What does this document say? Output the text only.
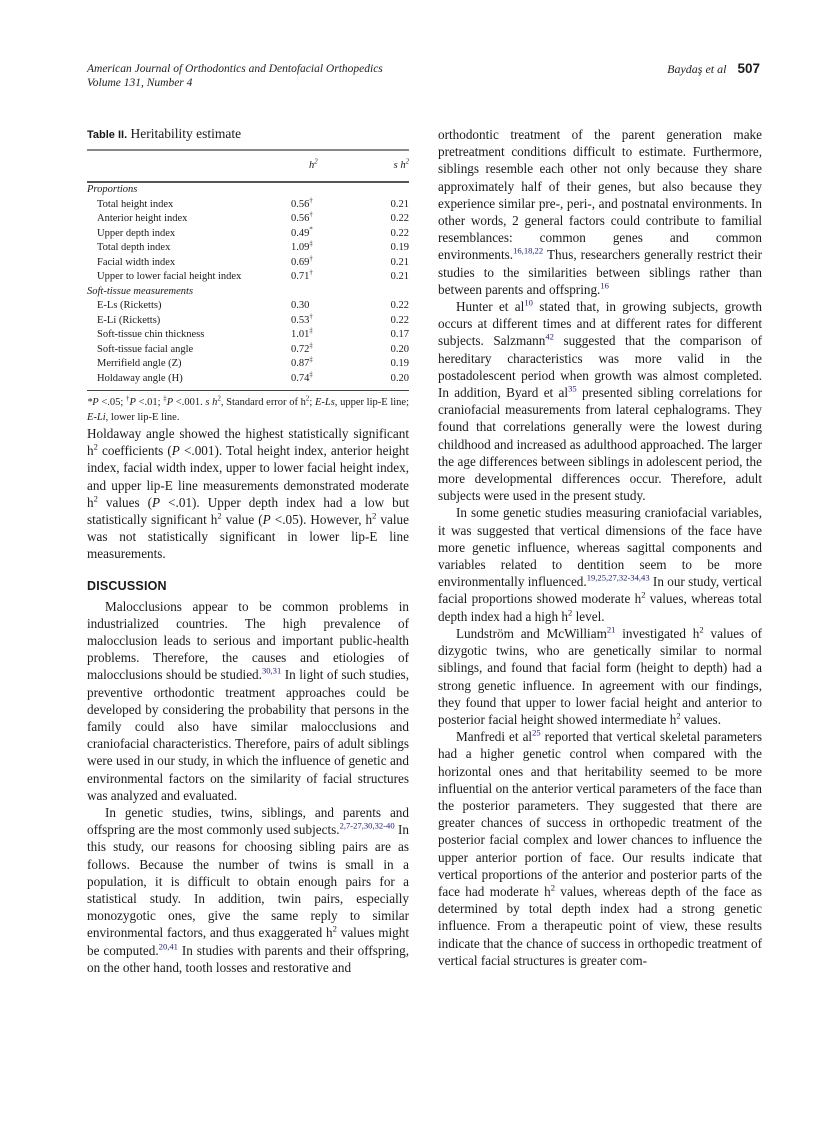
American Journal of Orthodontics and Dentofacial Orthopedics
Volume 131, Number 4
Baydaş et al 507
Table II. Heritability estimate
	$h^2$	s $h^2$
Proportions		
Total height index	0.56†	0.21
Anterior height index	0.56†	0.22
Upper depth index	0.49*	0.22
Total depth index	1.09‡	0.19
Facial width index	0.69†	0.21
Upper to lower facial height index	0.71†	0.21
Soft-tissue measurements		
E-Ls (Ricketts)	0.30	0.22
E-Li (Ricketts)	0.53†	0.22
Soft-tissue chin thickness	1.01‡	0.17
Soft-tissue facial angle	0.72‡	0.20
Merrifield angle (Z)	0.87‡	0.19
Holdaway angle (H)	0.74‡	0.20
*P <.05; †P <.01; ‡P <.001. s $h^2$, Standard error of $h^2$; E-Ls, upper lip-E line; E-Li, lower lip-E line.

Holdaway angle showed the highest statistically significant $h^2$ coefficients (P <.001). Total height index, anterior height index, facial width index, upper to lower facial height index, and upper lip-E line measurements demonstrated moderate $h^2$ values (P <.01). Upper depth index had a low but statistically significant $h^2$ value (P <.05). However, $h^2$ value was not statistically significant in lower lip-E line measurements.

DISCUSSION

Malocclusions appear to be common problems in industrialized countries. The high prevalence of malocclusion leads to serious and important public-health problems. Therefore, the causes and etiologies of malocclusions should be studied.$^{30,31}$ In light of such studies, preventive orthodontic treatment approaches could be developed by considering the probability that persons in the family could also have similar malocclusions and craniofacial characteristics. Therefore, pairs of adult siblings were used in our study, in which the influence of genetic and environmental factors on the similarity of facial structures was analyzed and evaluated.

In genetic studies, twins, siblings, and parents and offspring are the most commonly used subjects.$^{2,7-27,30,32-40}$ In this study, our reasons for choosing sibling pairs are as follows. Because the number of twins is small in a population, it is difficult to obtain enough pairs for a statistical study. In addition, twin pairs, especially monozygotic ones, give the same reply to similar environmental factors, and thus exaggerated $h^2$ values might be computed.$^{20,41}$ In studies with parents and their offspring, on the other hand, tooth losses and restorative and

orthodontic treatment of the parent generation make pretreatment conditions difficult to estimate. Furthermore, siblings resemble each other not only because they share approximately half of their genes, but also because they experience similar pre-, peri-, and postnatal environments. In other words, 2 general factors could contribute to familial resemblances: common genes and common environments.$^{16,18,22}$ Thus, researchers generally restrict their studies to the similarities between siblings rather than between parents and offspring.$^{16}$

Hunter et al$^{10}$ stated that, in growing subjects, growth occurs at different times and at different rates for different subjects. Salzmann$^{42}$ suggested that the comparison of hereditary characteristics was more valid in the postadolescent period when growth was almost completed. In addition, Byard et al$^{35}$ presented sibling correlations for craniofacial measurements from lateral cephalograms. They found that correlations generally were the lowest during childhood and increased as adulthood approached. The larger the age differences between siblings in adolescent period, the more developmental differences occur. Therefore, adult subjects were used in the present study.

In some genetic studies measuring craniofacial variables, it was suggested that vertical dimensions of the face have more genetic influence, whereas sagittal components and variables related to dentition seem to be more environmentally influenced.$^{19,25,27,32-34,43}$ In our study, vertical facial proportions showed moderate $h^2$ values, whereas total depth index had a high $h^2$ level.

Lundström and McWilliam$^{21}$ investigated $h^2$ values of dizygotic twins, who are genetically similar to normal siblings, and found that facial form (height to depth) had a strong genetic influence. In agreement with our findings, they found that upper to lower facial height and anterior to posterior facial height showed intermediate $h^2$ values.

Manfredi et al$^{25}$ reported that vertical skeletal parameters had a higher genetic control when compared with the horizontal ones and that heritability seemed to be more influential on the anterior vertical parameters of the face than the posterior parameters. They suggested that there are greater chances of success in orthopedic treatment of the posterior facial complex and lower chances to influence the upper anterior portion of face. Our results indicate that vertical proportions of the anterior and posterior parts of the face had moderate $h^2$ values, whereas depth of the face as determined by total depth index had a strong genetic influence. From a therapeutic point of view, these results indicate that the chance of success in orthopedic treatment of vertical facial structures is greater com-
